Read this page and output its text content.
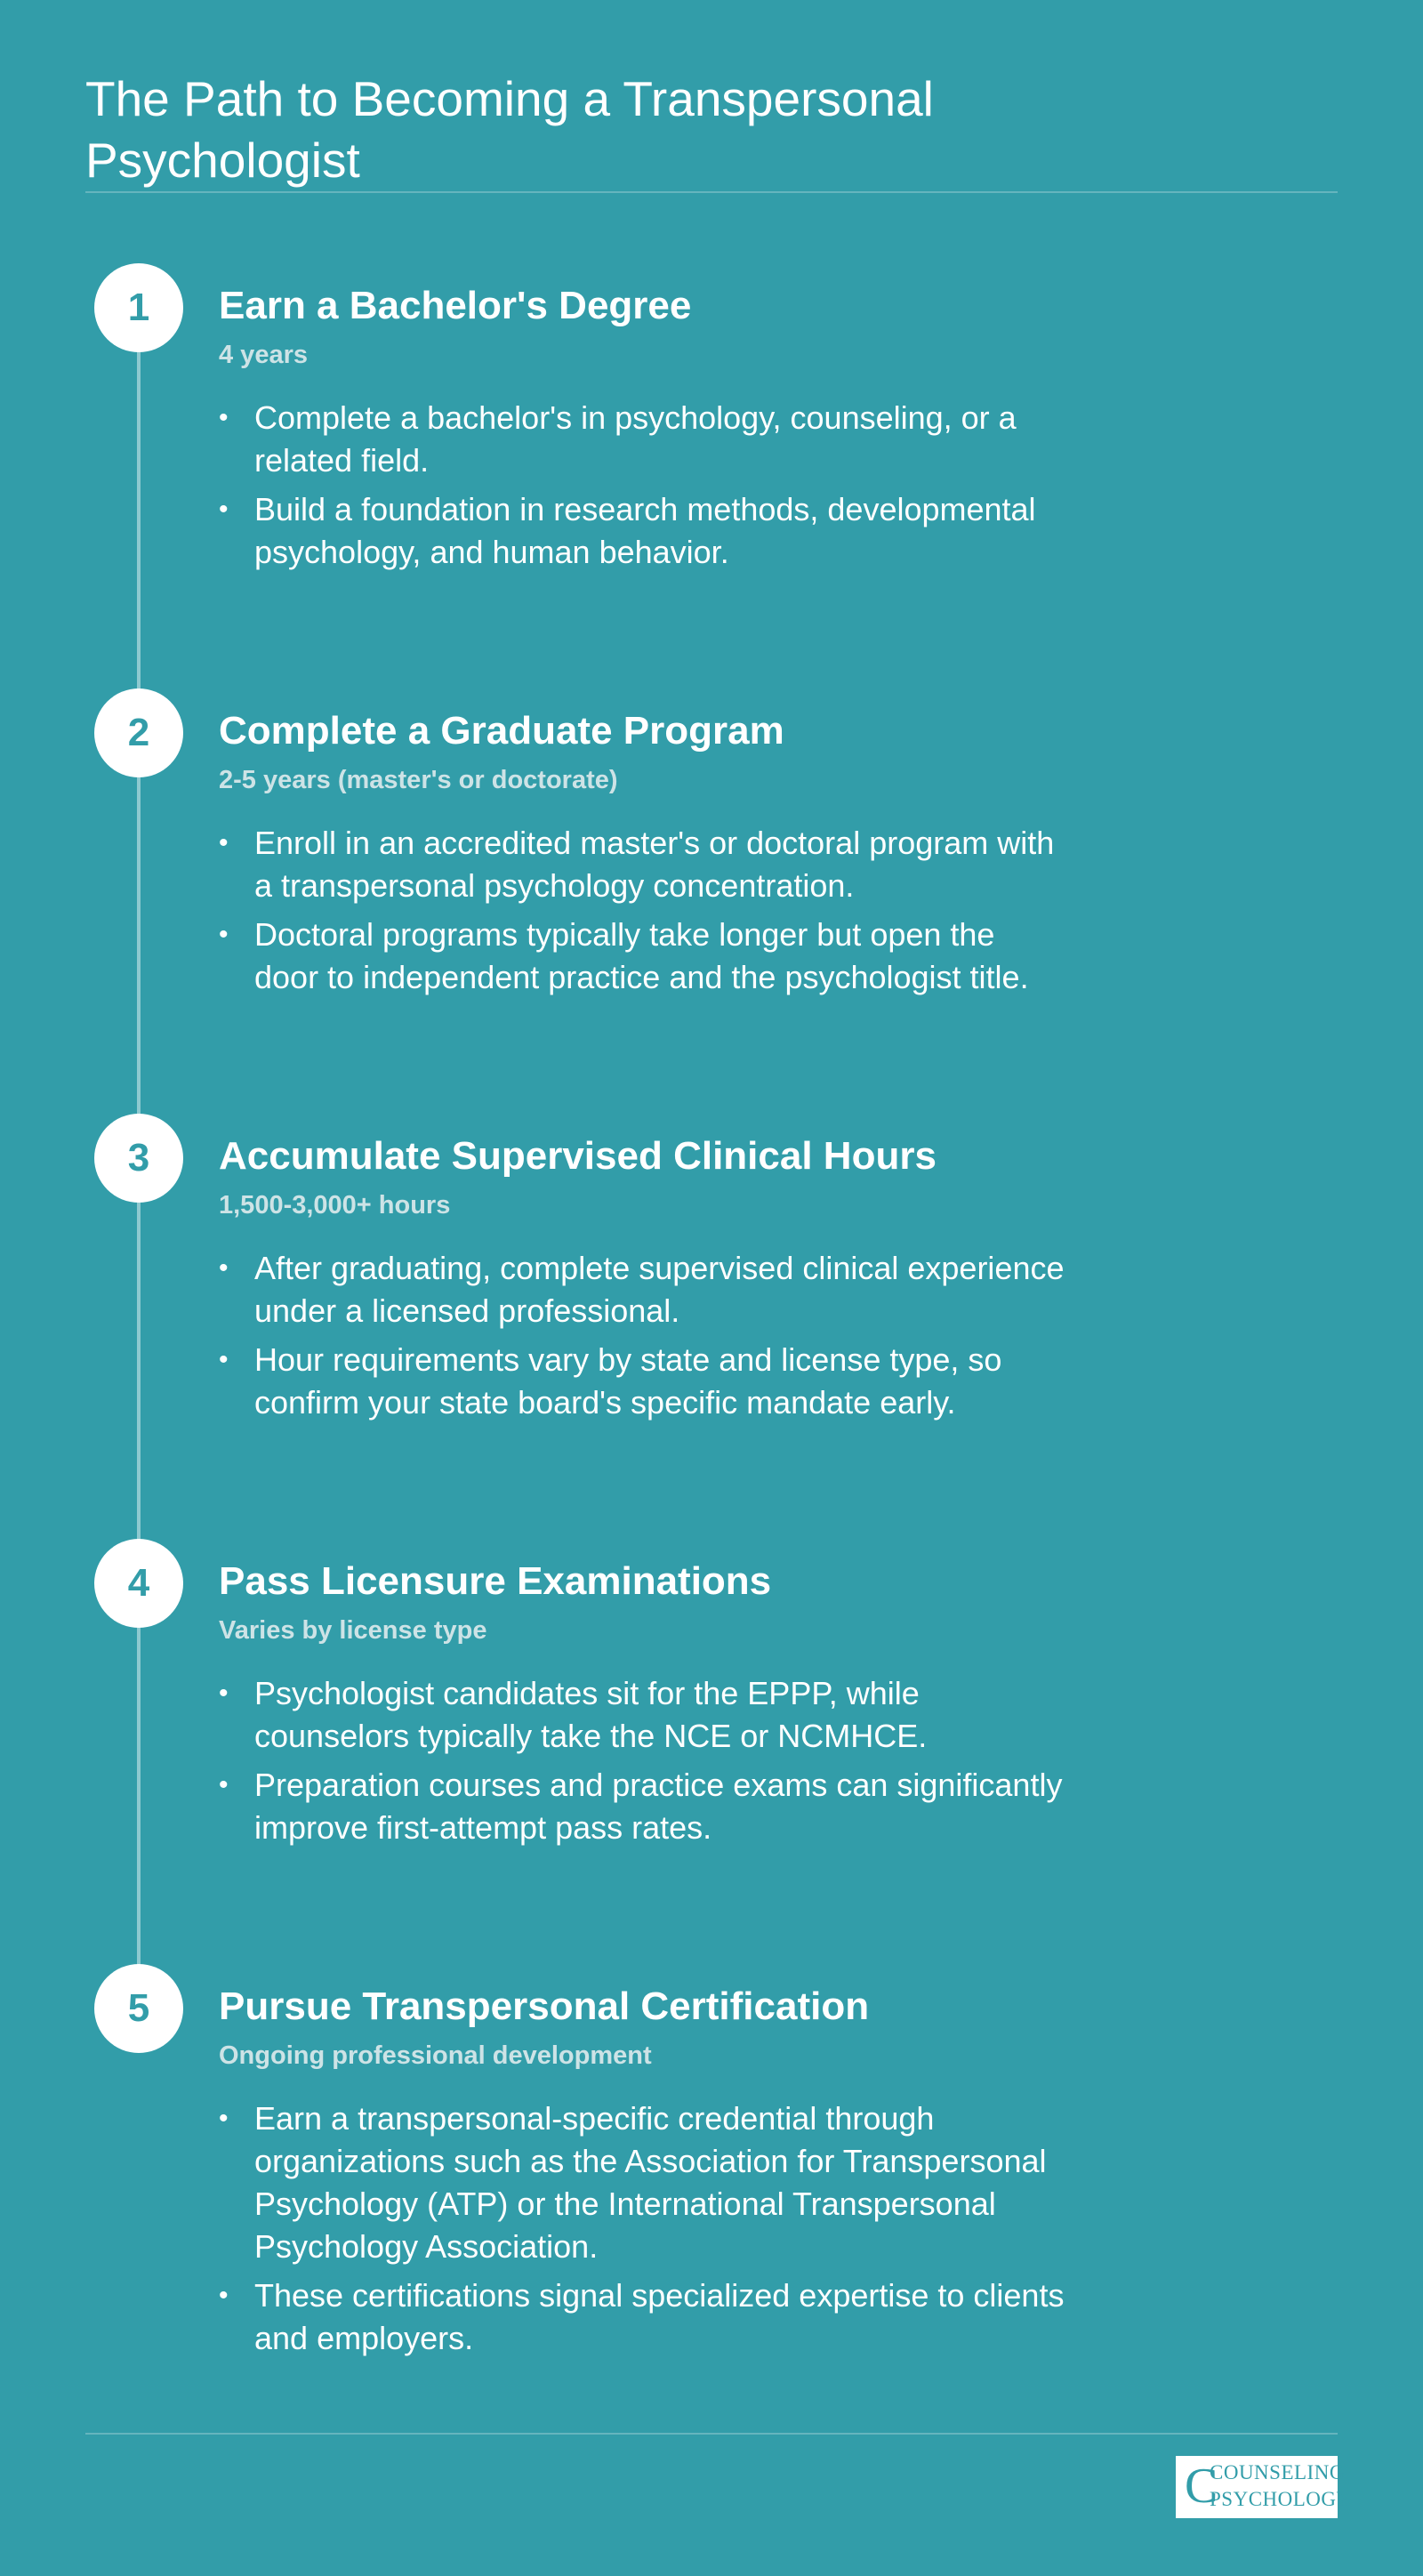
The Path to Becoming a Transpersonal Psychologist
1	Earn a Bachelor's Degree
4 years
• Complete a bachelor's in psychology, counseling, or a related field.
• Build a foundation in research methods, developmental psychology, and human behavior.
2	Complete a Graduate Program
2-5 years (master's or doctorate)
• Enroll in an accredited master's or doctoral program with a transpersonal psychology concentration.
• Doctoral programs typically take longer but open the door to independent practice and the psychologist title.
3	Accumulate Supervised Clinical Hours
1,500-3,000+ hours
• After graduating, complete supervised clinical experience under a licensed professional.
• Hour requirements vary by state and license type, so confirm your state board's specific mandate early.
4	Pass Licensure Examinations
Varies by license type
• Psychologist candidates sit for the EPPP, while counselors typically take the NCE or NCMHCE.
• Preparation courses and practice exams can significantly improve first-attempt pass rates.
5	Pursue Transpersonal Certification
Ongoing professional development
• Earn a transpersonal-specific credential through organizations such as the Association for Transpersonal Psychology (ATP) or the International Transpersonal Psychology Association.
• These certifications signal specialized expertise to clients and employers.
C
COUNSELING
PSYCHOLOGY
